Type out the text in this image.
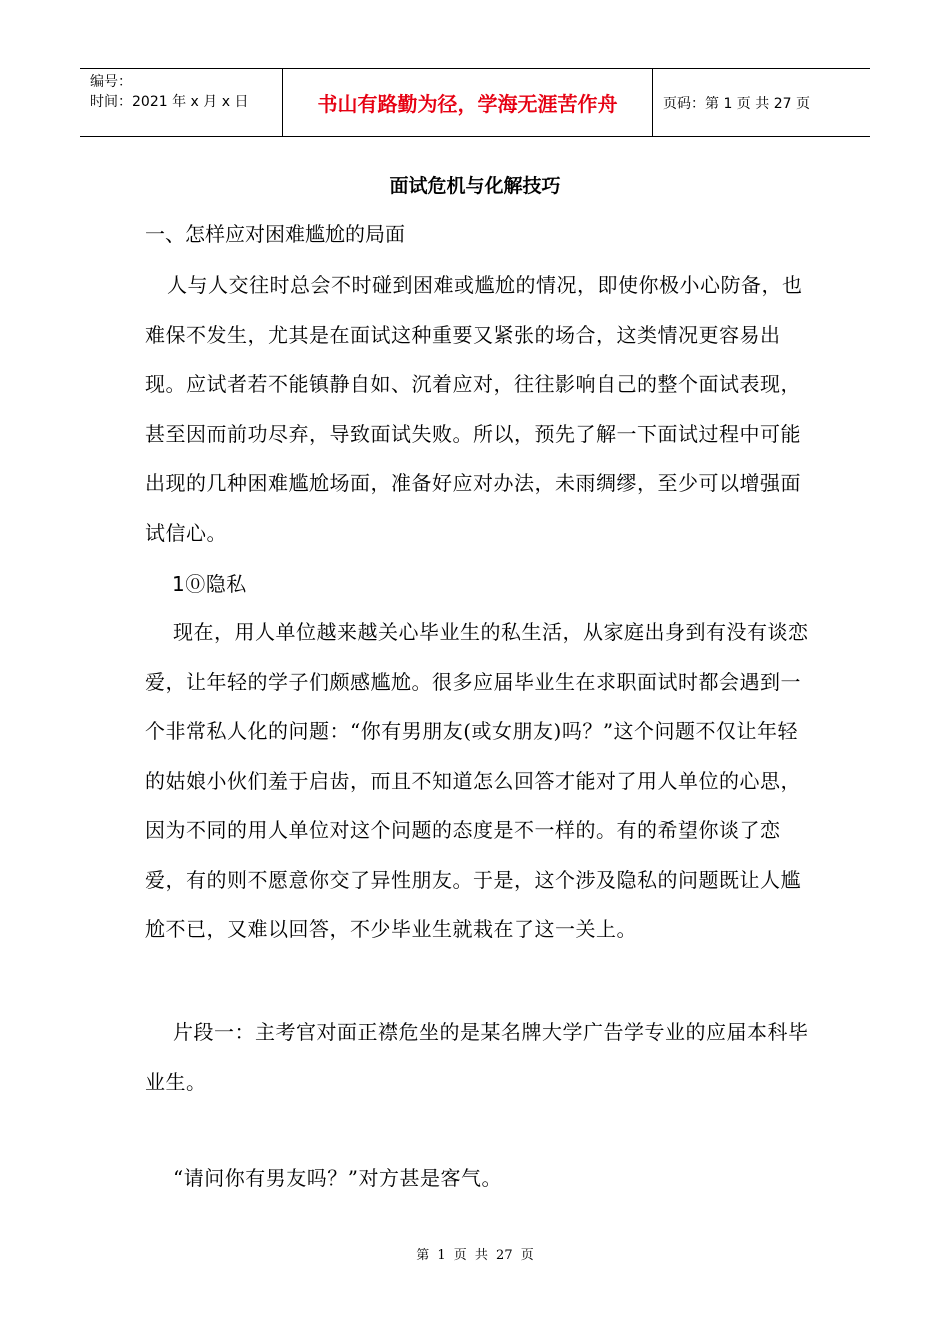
编号：
时间：2021 年 x 月 x 日	书山有路勤为径，学海无涯苦作舟	页码：第 1 页 共 27 页
面试危机与化解技巧
一、怎样应对困难尴尬的局面
人与人交往时总会不时碰到困难或尴尬的情况，即使你极小心防备，也难保不发生，尤其是在面试这种重要又紧张的场合，这类情况更容易出现。应试者若不能镇静自如、沉着应对，往往影响自己的整个面试表现，甚至因而前功尽弃，导致面试失败。所以，预先了解一下面试过程中可能出现的几种困难尴尬场面，准备好应对办法，未雨绸缪，至少可以增强面试信心。
1⓪隐私
现在，用人单位越来越关心毕业生的私生活，从家庭出身到有没有谈恋爱，让年轻的学子们颇感尴尬。很多应届毕业生在求职面试时都会遇到一个非常私人化的问题：“你有男朋友(或女朋友)吗？”这个问题不仅让年轻的姑娘小伙们羞于启齿，而且不知道怎么回答才能对了用人单位的心思，因为不同的用人单位对这个问题的态度是不一样的。有的希望你谈了恋爱，有的则不愿意你交了异性朋友。于是，这个涉及隐私的问题既让人尴尬不已，又难以回答，不少毕业生就栽在了这一关上。
片段一：主考官对面正襟危坐的是某名牌大学广告学专业的应届本科毕业生。
“请问你有男友吗？”对方甚是客气。
第 1 页 共 27 页
